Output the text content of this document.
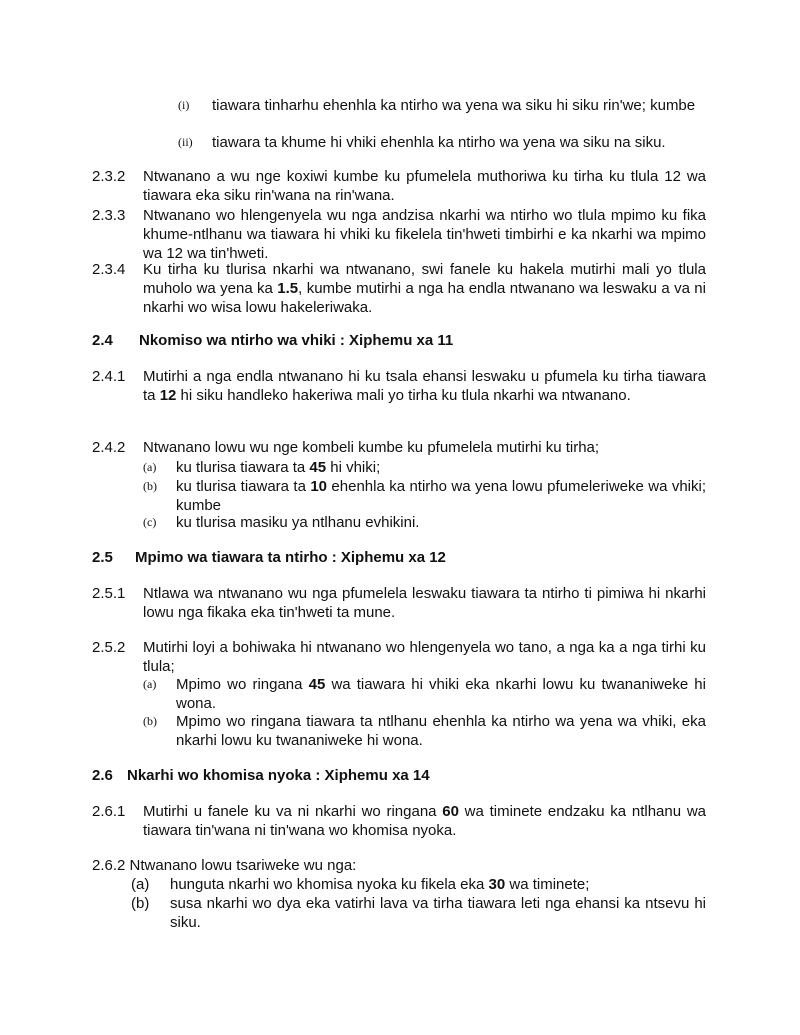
(i) tiawara tinharhu ehenhla ka ntirho wa yena wa siku hi siku rin'we; kumbe
(ii) tiawara ta khume hi vhiki ehenhla ka ntirho wa yena wa siku na siku.
2.3.2 Ntwanano a wu nge koxiwi kumbe ku pfumelela muthoriwa ku tirha ku tlula 12 wa tiawara eka siku rin'wana na rin'wana.
2.3.3 Ntwanano wo hlengenyela wu nga andzisa nkarhi wa ntirho wo tlula mpimo ku fika khume-ntlhanu wa tiawara hi vhiki ku fikelela tin'hweti timbirhi e ka nkarhi wa mpimo wa 12 wa tin'hweti.
2.3.4 Ku tirha ku tlurisa nkarhi wa ntwanano, swi fanele ku hakela mutirhi mali yo tlula muholo wa yena ka 1.5, kumbe mutirhi a nga ha endla ntwanano wa leswaku a va ni nkarhi wo wisa lowu hakeleriwaka.
2.4 Nkomiso wa ntirho wa vhiki : Xiphemu xa 11
2.4.1 Mutirhi a nga endla ntwanano hi ku tsala ehansi leswaku u pfumela ku tirha tiawara ta 12 hi siku handleko hakeriwa mali yo tirha ku tlula nkarhi wa ntwanano.
2.4.2 Ntwanano lowu wu nge kombeli kumbe ku pfumelela mutirhi ku tirha;
(a) ku tlurisa tiawara ta 45 hi vhiki;
(b) ku tlurisa tiawara ta 10 ehenhla ka ntirho wa yena lowu pfumeleriweke wa vhiki; kumbe
(c) ku tlurisa masiku ya ntlhanu evhikini.
2.5 Mpimo wa tiawara ta ntirho : Xiphemu xa 12
2.5.1 Ntlawa wa ntwanano wu nga pfumelela leswaku tiawara ta ntirho ti pimiwa hi nkarhi lowu nga fikaka eka tin'hweti ta mune.
2.5.2 Mutirhi loyi a bohiwaka hi ntwanano wo hlengenyela wo tano, a nga ka a nga tirhi ku tlula;
(a) Mpimo wo ringana 45 wa tiawara hi vhiki eka nkarhi lowu ku twananiweke hi wona.
(b) Mpimo wo ringana tiawara ta ntlhanu ehenhla ka ntirho wa yena wa vhiki, eka nkarhi lowu ku twananiweke hi wona.
2.6 Nkarhi wo khomisa nyoka : Xiphemu xa 14
2.6.1 Mutirhi u fanele ku va ni nkarhi wo ringana 60 wa timinete endzaku ka ntlhanu wa tiawara tin'wana ni tin'wana wo khomisa nyoka.
2.6.2 Ntwanano lowu tsariweke wu nga:
(a) hunguta nkarhi wo khomisa nyoka ku fikela eka 30 wa timinete;
(b) susa nkarhi wo dya eka vatirhi lava va tirha tiawara leti nga ehansi ka ntsevu hi siku.
